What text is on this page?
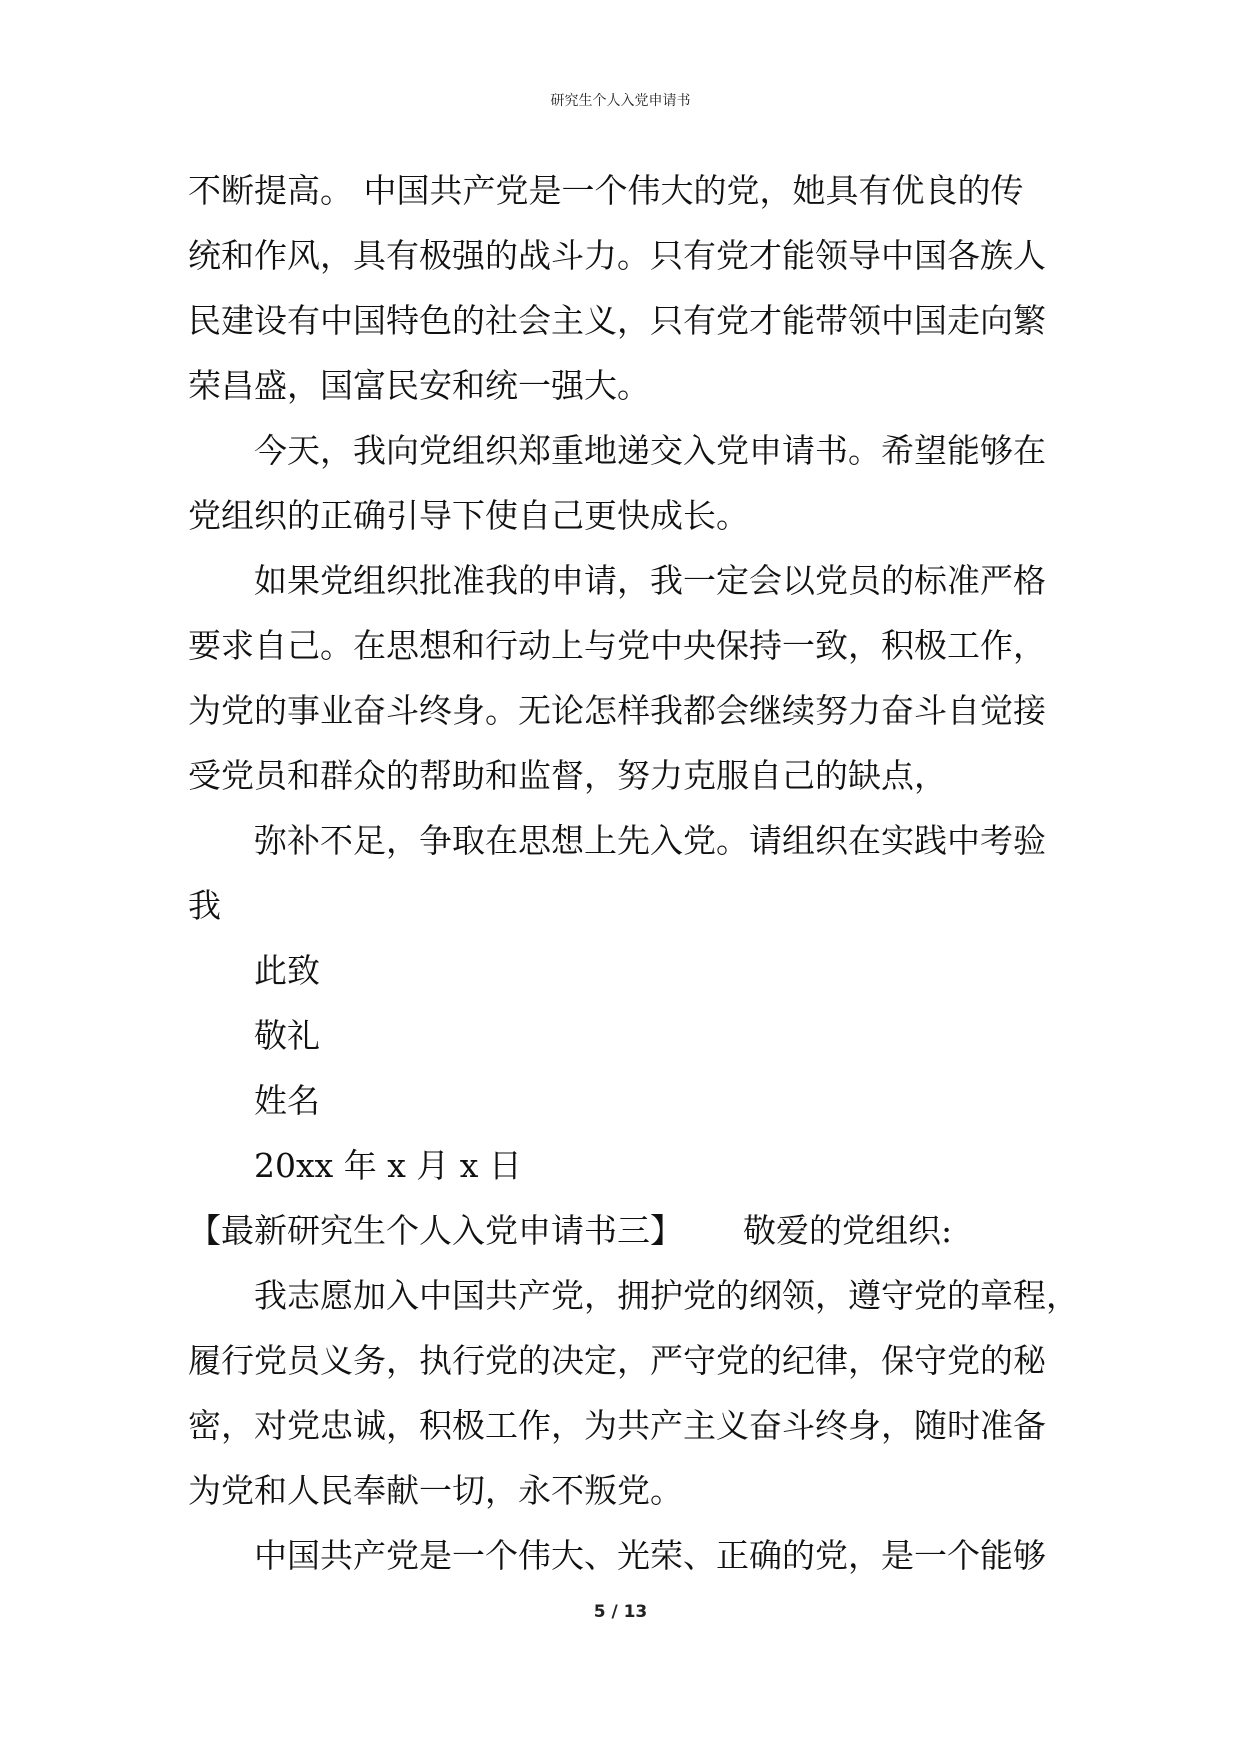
研究生个人入党申请书
不断提高。 中国共产党是一个伟大的党，她具有优良的传
统和作风，具有极强的战斗力。只有党才能领导中国各族人
民建设有中国特色的社会主义，只有党才能带领中国走向繁
荣昌盛，国富民安和统一强大。
今天，我向党组织郑重地递交入党申请书。希望能够在
党组织的正确引导下使自己更快成长。
如果党组织批准我的申请，我一定会以党员的标准严格
要求自己。在思想和行动上与党中央保持一致，积极工作，
为党的事业奋斗终身。无论怎样我都会继续努力奋斗自觉接
受党员和群众的帮助和监督，努力克服自己的缺点，
弥补不足，争取在思想上先入党。请组织在实践中考验
我
此致
敬礼
姓名
20xx 年 x 月 x 日
【最新研究生个人入党申请书三】 敬爱的党组织:
我志愿加入中国共产党，拥护党的纲领，遵守党的章程，
履行党员义务，执行党的决定，严守党的纪律，保守党的秘
密，对党忠诚，积极工作，为共产主义奋斗终身，随时准备
为党和人民奉献一切，永不叛党。
中国共产党是一个伟大、光荣、正确的党，是一个能够
5 / 13
